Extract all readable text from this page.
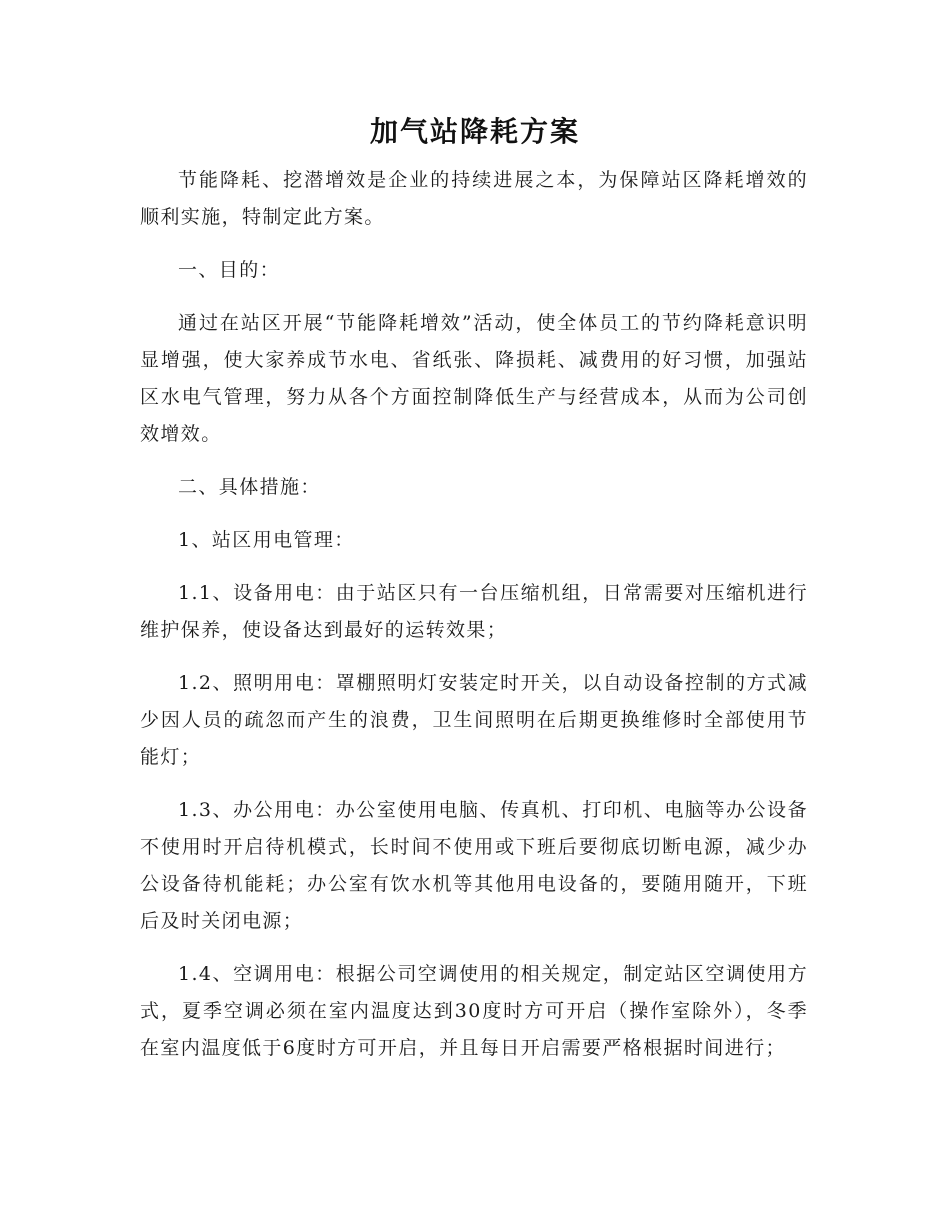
加气站降耗方案

节能降耗、挖潜增效是企业的持续进展之本，为保障站区降耗增效的顺利实施，特制定此方案。

一、目的：

通过在站区开展“节能降耗增效”活动，使全体员工的节约降耗意识明显增强，使大家养成节水电、省纸张、降损耗、减费用的好习惯，加强站区水电气管理，努力从各个方面控制降低生产与经营成本，从而为公司创效增效。

二、具体措施：

1、站区用电管理：

1.1、设备用电：由于站区只有一台压缩机组，日常需要对压缩机进行维护保养，使设备达到最好的运转效果；

1.2、照明用电：罩棚照明灯安装定时开关，以自动设备控制的方式减少因人员的疏忽而产生的浪费，卫生间照明在后期更换维修时全部使用节能灯；

1.3、办公用电：办公室使用电脑、传真机、打印机、电脑等办公设备不使用时开启待机模式，长时间不使用或下班后要彻底切断电源，减少办公设备待机能耗；办公室有饮水机等其他用电设备的，要随用随开，下班后及时关闭电源；

1.4、空调用电：根据公司空调使用的相关规定，制定站区空调使用方式，夏季空调必须在室内温度达到30度时方可开启（操作室除外），冬季在室内温度低于6度时方可开启，并且每日开启需要严格根据时间进行；
